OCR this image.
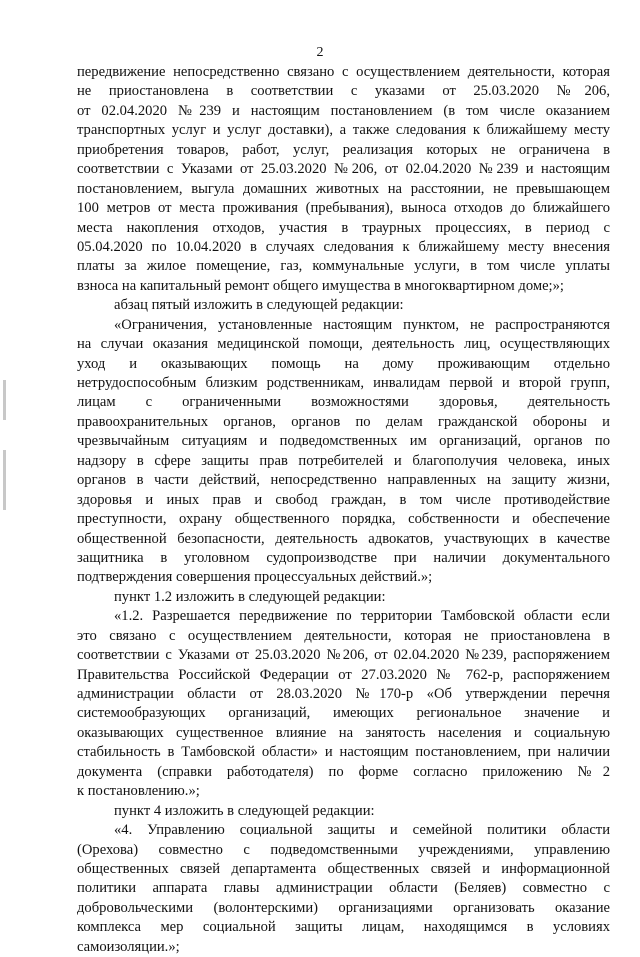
2
передвижение непосредственно связано с осуществлением деятельности, которая
не приостановлена в соответствии с указами от 25.03.2020 №206,
от 02.04.2020 №239 и настоящим постановлением (в том числе оказанием
транспортных услуг и услуг доставки), а также следования к ближайшему месту
приобретения товаров, работ, услуг, реализация которых не ограничена в
соответствии с Указами от 25.03.2020 №206, от 02.04.2020 №239 и настоящим
постановлением, выгула домашних животных на расстоянии, не превышающем
100 метров от места проживания (пребывания), выноса отходов до ближайшего
места накопления отходов, участия в траурных процессиях, в период с
05.04.2020 по 10.04.2020 в случаях следования к ближайшему месту внесения
платы за жилое помещение, газ, коммунальные услуги, в том числе уплаты
взноса на капитальный ремонт общего имущества в многоквартирном доме;»;
абзац пятый изложить в следующей редакции:
«Ограничения, установленные настоящим пунктом, не распространяются
на случаи оказания медицинской помощи, деятельность лиц, осуществляющих
уход и оказывающих помощь на дому проживающим отдельно
нетрудоспособным близким родственникам, инвалидам первой и второй групп,
лицам с ограниченными возможностями здоровья, деятельность
правоохранительных органов, органов по делам гражданской обороны и
чрезвычайным ситуациям и подведомственных им организаций, органов по
надзору в сфере защиты прав потребителей и благополучия человека, иных
органов в части действий, непосредственно направленных на защиту жизни,
здоровья и иных прав и свобод граждан, в том числе противодействие
преступности, охрану общественного порядка, собственности и обеспечение
общественной безопасности, деятельность адвокатов, участвующих в качестве
защитника в уголовном судопроизводстве при наличии документального
подтверждения совершения процессуальных действий.»;
пункт 1.2 изложить в следующей редакции:
«1.2. Разрешается передвижение по территории Тамбовской области если
это связано с осуществлением деятельности, которая не приостановлена в
соответствии с Указами от 25.03.2020 №206, от 02.04.2020 №239, распоряжением
Правительства Российской Федерации от 27.03.2020 № 762-р, распоряжением
администрации области от 28.03.2020 №170-р «Об утверждении перечня
системообразующих организаций, имеющих региональное значение и
оказывающих существенное влияние на занятость населения и социальную
стабильность в Тамбовской области» и настоящим постановлением, при наличии
документа (справки работодателя) по форме согласно приложению №2
к постановлению.»;
пункт 4 изложить в следующей редакции:
«4. Управлению социальной защиты и семейной политики области
(Орехова) совместно с подведомственными учреждениями, управлению
общественных связей департамента общественных связей и информационной
политики аппарата главы администрации области (Беляев) совместно с
добровольческими (волонтерскими) организациями организовать оказание
комплекса мер социальной защиты лицам, находящимся в условиях
самоизоляции.»;
